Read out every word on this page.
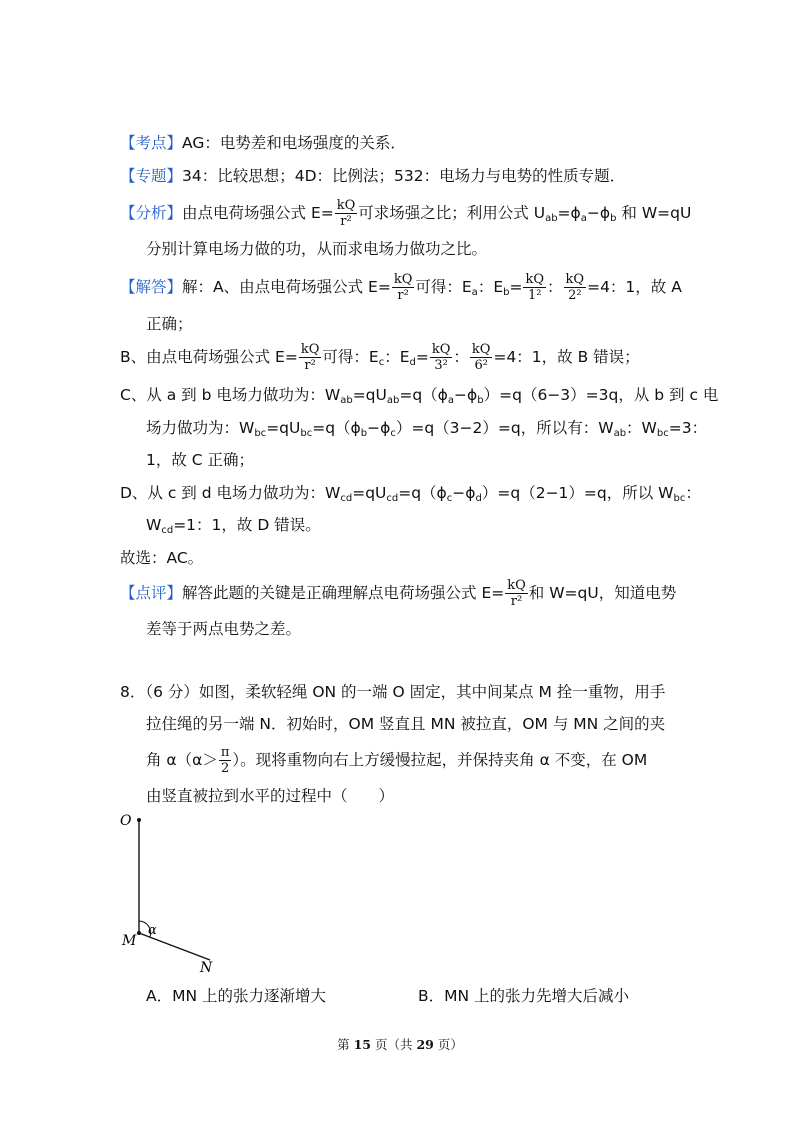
【考点】AG：电势差和电场强度的关系．
【专题】34：比较思想；4D：比例法；532：电场力与电势的性质专题．
【分析】由点电荷场强公式 $E= \frac{kQ}{\text{r²}}$ 可求场强之比；利用公式 $U_{ab}=\phi_a-\phi_b$ 和 W=qU
分别计算电场力做的功，从而求电场力做功之比。
【解答】解：A、由点电荷场强公式 $E= \frac{kQ}{\text{r²}}$ 可得：$E_a$：$E_b= \frac{kQ}{\text{1²}}$ ： $\frac{kQ}{\text{2²}} =4$：1，故 A
正确；
B、由点电荷场强公式 $E= \frac{kQ}{\text{r²}}$ 可得：$E_c$：$E_d= \frac{kQ}{\text{3²}}$ ： $\frac{kQ}{\text{6²}} =4$：1，故 B 错误；
C、从 a 到 b 电场力做功为：$W_{ab}=qU_{ab}=q(\phi_a-\phi_b)=q(6-3)=3q$，从 b 到 c 电
场力做功为：$W_{bc}=qU_{bc}=q(\phi_b-\phi_c)=q(3-2)=q$，所以有：$W_{ab}$：$W_{bc}=3$：
1，故 C 正确；
D、从 c 到 d 电场力做功为：$W_{cd}=qU_{cd}=q(\phi_c-\phi_d)=q(2-1)=q$，所以 $W_{bc}$：
$W_{cd}=1$：1，故 D 错误。
故选：AC。
【点评】解答此题的关键是正确理解点电荷场强公式 $E= \frac{kQ}{\text{r²}}$ 和 W=qU，知道电势
差等于两点电势之差。
8．（6 分）如图，柔软轻绳 ON 的一端 O 固定，其中间某点 M 拴一重物，用手
拉住绳的另一端 N．初始时，OM 竖直且 MN 被拉直，OM 与 MN 之间的夹
角 $\alpha(\alpha> \frac{\pi}{2}$ ）。现将重物向右上方缓慢拉起，并保持夹角 α 不变，在 OM
由竖直被拉到水平的过程中（　　）
O
M
α
N
A．MN 上的张力逐渐增大	B．MN 上的张力先增大后减小
第 15 页（共 29 页）
